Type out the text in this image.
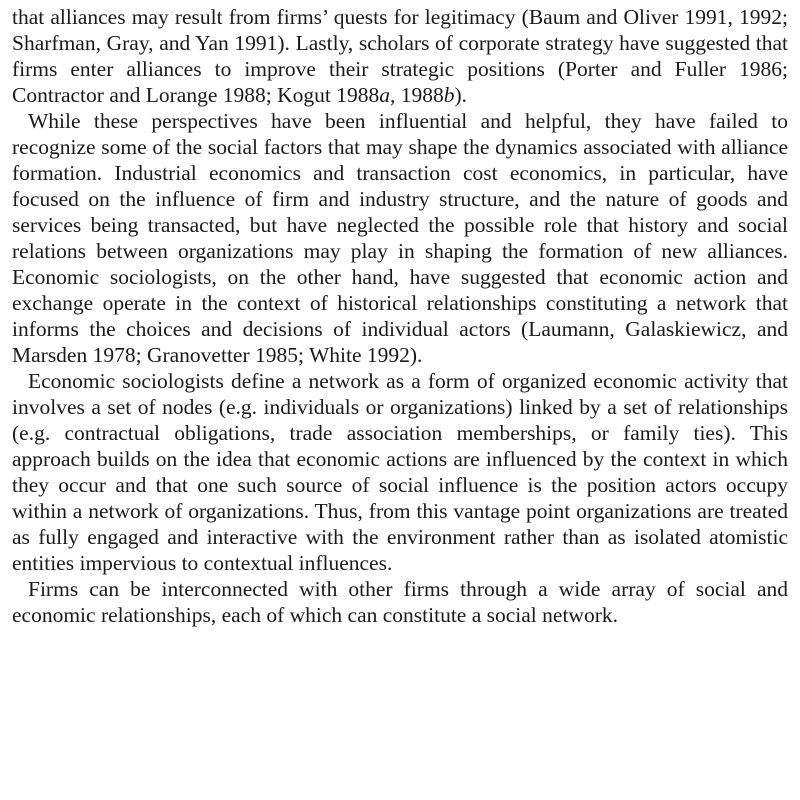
that alliances may result from firms’ quests for legitimacy (Baum and Oliver 1991, 1992; Sharfman, Gray, and Yan 1991). Lastly, scholars of corporate strategy have suggested that firms enter alliances to improve their strategic positions (Porter and Fuller 1986; Contractor and Lorange 1988; Kogut 1988a, 1988b).

While these perspectives have been influential and helpful, they have failed to recognize some of the social factors that may shape the dynamics associated with alliance formation. Industrial economics and transaction cost economics, in particular, have focused on the influence of firm and industry structure, and the nature of goods and services being transacted, but have neglected the possible role that history and social relations between organizations may play in shaping the formation of new alliances. Economic sociologists, on the other hand, have suggested that economic action and exchange operate in the context of historical relationships constituting a network that informs the choices and decisions of individual actors (Laumann, Galaskiewicz, and Marsden 1978; Granovetter 1985; White 1992).

Economic sociologists define a network as a form of organized economic activity that involves a set of nodes (e.g. individuals or organizations) linked by a set of relationships (e.g. contractual obligations, trade association memberships, or family ties). This approach builds on the idea that economic actions are influenced by the context in which they occur and that one such source of social influence is the position actors occupy within a network of organizations. Thus, from this vantage point organizations are treated as fully engaged and interactive with the environment rather than as isolated atomistic entities impervious to contextual influences.

Firms can be interconnected with other firms through a wide array of social and economic relationships, each of which can constitute a social network.
